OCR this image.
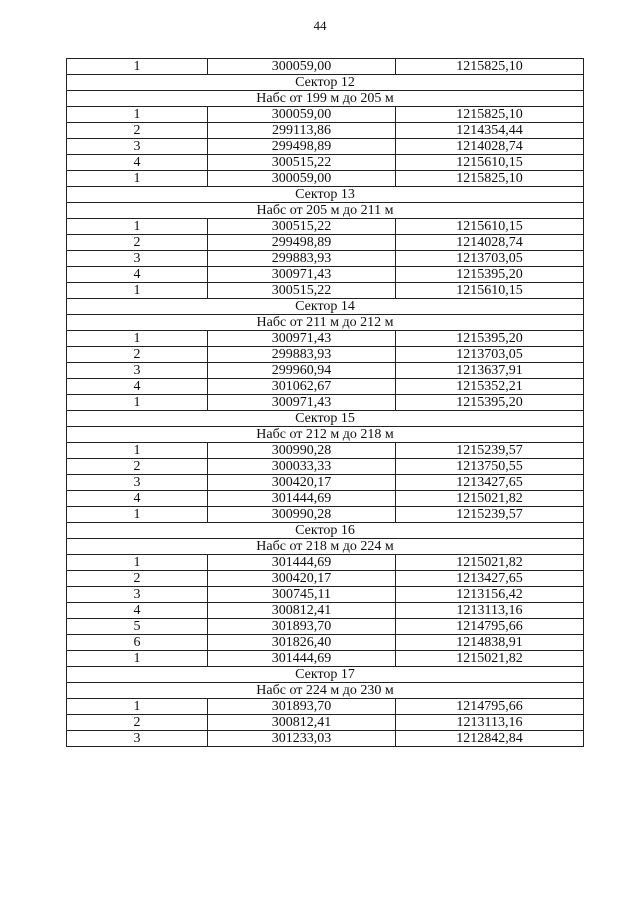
44
1	300059,00	1215825,10
Сектор 12		
Набс от 199 м до 205 м		
1	300059,00	1215825,10
2	299113,86	1214354,44
3	299498,89	1214028,74
4	300515,22	1215610,15
1	300059,00	1215825,10
Сектор 13		
Набс от 205 м до 211 м		
1	300515,22	1215610,15
2	299498,89	1214028,74
3	299883,93	1213703,05
4	300971,43	1215395,20
1	300515,22	1215610,15
Сектор 14		
Набс от 211 м до 212 м		
1	300971,43	1215395,20
2	299883,93	1213703,05
3	299960,94	1213637,91
4	301062,67	1215352,21
1	300971,43	1215395,20
Сектор 15		
Набс от 212 м до 218 м		
1	300990,28	1215239,57
2	300033,33	1213750,55
3	300420,17	1213427,65
4	301444,69	1215021,82
1	300990,28	1215239,57
Сектор 16		
Набс от 218 м до 224 м		
1	301444,69	1215021,82
2	300420,17	1213427,65
3	300745,11	1213156,42
4	300812,41	1213113,16
5	301893,70	1214795,66
6	301826,40	1214838,91
1	301444,69	1215021,82
Сектор 17		
Набс от 224 м до 230 м		
1	301893,70	1214795,66
2	300812,41	1213113,16
3	301233,03	1212842,84
